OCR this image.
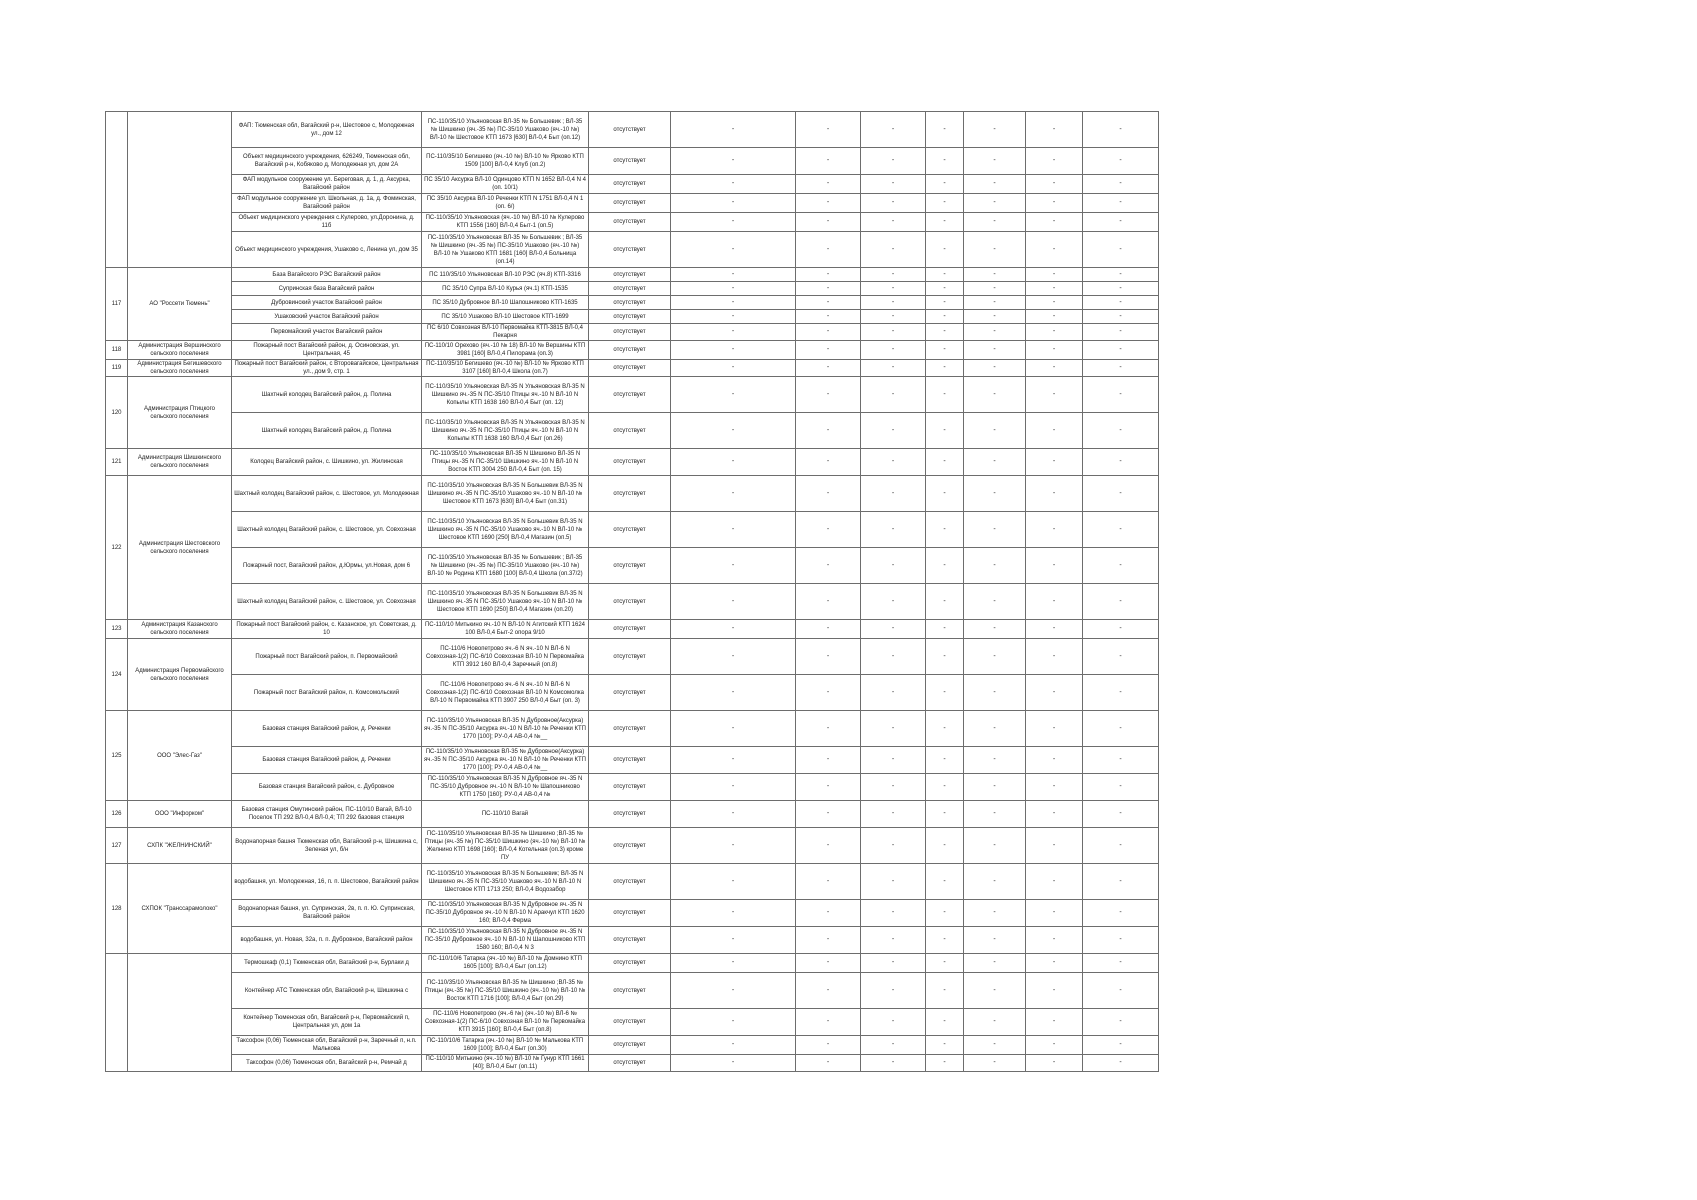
		ФАП: Тюменская обл, Вагайский р-н, Шестовое с, Молодежная ул., дом 12	ПС-110/35/10 Ульяновская ВЛ-35 № Большевик ; ВЛ-35 № Шишкино (яч.-35 №) ПС-35/10 Ушаково (яч.-10 №) ВЛ-10 № Шестовое КТП 1673 [630] ВЛ-0,4 Быт (оп.12)	отсутствует	-	-	-	-	-	-	-
		Объект медицинского учреждения, 626249, Тюменская обл, Вагайский р-н, Кобяково д, Молодежная ул, дом 2А	ПС-110/35/10 Бегишево (яч.-10 №) ВЛ-10 № Ярково КТП 1509 [100] ВЛ-0,4 Клуб (оп.2)	отсутствует	-	-	-	-	-	-	-
		ФАП модульное сооружение ул. Береговая, д. 1, д. Аксурка, Вагайский район	ПС 35/10 Аксурка ВЛ-10 Одинцово КТП N 1652 ВЛ-0,4 N 4 (оп. 10/1)	отсутствует	-	-	-	-	-	-	-
		ФАП модульное сооружение ул. Школьная, д. 1а, д. Фоминская, Вагайский район	ПС 35/10 Аксурка ВЛ-10 Реченки КТП N 1751 ВЛ-0,4 N 1 (оп. 6/)	отсутствует	-	-	-	-	-	-	-
		Объект медицинского учреждения с.Кулерово, ул.Доронина, д. 11б	ПС-110/35/10 Ульяновская (яч.-10 №) ВЛ-10 № Кулерово КТП 1556 [160] ВЛ-0,4 Быт-1 (оп.5)	отсутствует	-	-	-	-	-	-	-
		Объект медицинского учреждения, Ушаково с, Ленина ул, дом 35	ПС-110/35/10 Ульяновская ВЛ-35 № Большевик ; ВЛ-35 № Шишкино (яч.-35 №) ПС-35/10 Ушаково (яч.-10 №) ВЛ-10 № Ушаково КТП 1681 [160] ВЛ-0,4 Больница (оп.14)	отсутствует	-	-	-	-	-	-	-
117	АО "Россети Тюмень"	База Вагайского РЭС Вагайский район	ПС 110/35/10 Ульяновская ВЛ-10 РЭС (яч.8) КТП-3316	отсутствует	-	-	-	-	-	-	-
		Супринская база Вагайский район	ПС 35/10 Супра ВЛ-10 Курья (яч.1) КТП-1535	отсутствует	-	-	-	-	-	-	-
		Дубровинский участок Вагайский район	ПС 35/10 Дубровное ВЛ-10 Шапошниково КТП-1635	отсутствует	-	-	-	-	-	-	-
		Ушаковский участок Вагайский район	ПС 35/10 Ушаково ВЛ-10 Шестовое КТП-1699	отсутствует	-	-	-	-	-	-	-
		Первомайский участок Вагайский район	ПС 6/10 Совхозная ВЛ-10 Первомайка КТП-3815 ВЛ-0,4 Пекарня	отсутствует	-	-	-	-	-	-	-
118	Администрация Вершинского сельского поселения	Пожарный пост Вагайский район, д. Осиновская, ул. Центральная, 45	ПС-110/10 Орехово (яч.-10 № 18) ВЛ-10 № Вершины КТП 3981 [160] ВЛ-0,4 Пилорама (оп.3)	отсутствует	-	-	-	-	-	-	-
119	Администрация Бегишевского сельского поселения	Пожарный пост Вагайский район, с Второвагайское, Центральная ул., дом 9, стр. 1	ПС-110/35/10 Бегишево (яч.-10 №) ВЛ-10 № Ярково КТП 3107 [160] ВЛ-0,4 Школа (оп.7)	отсутствует	-	-	-	-	-	-	-
120	Администрация Птицкого сельского поселения	Шахтный колодец Вагайский район, д. Полина	ПС-110/35/10 Ульяновская ВЛ-35 N Ульяновская ВЛ-35 N Шишкино яч.-35 N ПС-35/10 Птицы яч.-10 N ВЛ-10 N Копылы КТП 1638 160 ВЛ-0,4 Быт (оп. 12)	отсутствует	-	-	-	-	-	-	-
		Шахтный колодец Вагайский район, д. Полина	ПС-110/35/10 Ульяновская ВЛ-35 N Ульяновская ВЛ-35 N Шишкино яч.-35 N ПС-35/10 Птицы яч.-10 N ВЛ-10 N Копылы КТП 1638 160 ВЛ-0,4 Быт (оп.26)	отсутствует	-	-	-	-	-	-	-
121	Администрация Шишкинского сельского поселения	Колодец Вагайский район, с. Шишкино, ул. Жилинская	ПС-110/35/10 Ульяновская ВЛ-35 N Шишкино ВЛ-35 N Птицы яч.-35 N ПС-35/10 Шишкино яч.-10 N ВЛ-10 N Восток КТП 3004 250 ВЛ-0,4 Быт (оп. 15)	отсутствует	-	-	-	-	-	-	-
122	Администрация Шестовского сельского поселения	Шахтный колодец Вагайский район, с. Шестовое, ул. Молодежная	ПС-110/35/10 Ульяновская ВЛ-35 N Большевик ВЛ-35 N Шишкино яч.-35 N ПС-35/10 Ушаково яч.-10 N ВЛ-10 № Шестовое КТП 1673 [630] ВЛ-0,4 Быт (оп.31)	отсутствует	-	-	-	-	-	-	-
		Шахтный колодец Вагайский район, с. Шестовое, ул. Совхозная	ПС-110/35/10 Ульяновская ВЛ-35 N Большевик ВЛ-35 N Шишкино яч.-35 N ПС-35/10 Ушаково яч.-10 N ВЛ-10 № Шестовое КТП 1690 [250] ВЛ-0,4 Магазин (оп.5)	отсутствует	-	-	-	-	-	-	-
		Пожарный пост, Вагайский район, д.Юрмы, ул.Новая, дом 6	ПС-110/35/10 Ульяновская ВЛ-35 № Большевик ; ВЛ-35 № Шишкино (яч.-35 №) ПС-35/10 Ушаково (яч.-10 №) ВЛ-10 № Родина КТП 1680 [100] ВЛ-0,4 Школа (оп.37/2)	отсутствует	-	-	-	-	-	-	-
		Шахтный колодец Вагайский район, с. Шестовое, ул. Совхозная	ПС-110/35/10 Ульяновская ВЛ-35 N Большевик ВЛ-35 N Шишкино яч.-35 N ПС-35/10 Ушаково яч.-10 N ВЛ-10 № Шестовое КТП 1690 [250] ВЛ-0,4 Магазин (оп.20)	отсутствует	-	-	-	-	-	-	-
123	Администрация Казанского сельского поселения	Пожарный пост Вагайский район, с. Казанское, ул. Советская, д. 10	ПС-110/10 Митькино яч.-10 N ВЛ-10 N Агитский КТП 1624 100 ВЛ-0,4 Быт-2 опора 9/10	отсутствует	-	-	-	-	-	-	-
124	Администрация Первомайского сельского поселения	Пожарный пост Вагайский район, п. Первомайский	ПС-110/6 Новопетрово яч.-6 N яч.-10 N ВЛ-6 N Совхозная-1(2) ПС-6/10 Совхозная ВЛ-10 N Первомайка КТП 3912 160 ВЛ-0,4 Заречный (оп.8)	отсутствует	-	-	-	-	-	-	-
		Пожарный пост Вагайский район, п. Комсомольский	ПС-110/6 Новопетрово яч.-6 N яч.-10 N ВЛ-6 N Совхозная-1(2) ПС-6/10 Совхозная ВЛ-10 N Комсомолка ВЛ-10 N Первомайка КТП 3907 250 ВЛ-0,4 Быт (оп. 3)	отсутствует	-	-	-	-	-	-	-
125	ООО "Элес-Газ"	Базовая станция Вагайский район, д. Реченки	ПС-110/35/10 Ульяновская ВЛ-35 N Дубровное(Аксурка) яч.-35 N ПС-35/10 Аксурка яч.-10 N ВЛ-10 № Реченки КТП 1770 [100]; РУ-0,4 АВ-0,4 №__	отсутствует	-	-	-	-	-	-	-
		Базовая станция Вагайский район, д. Реченки	ПС-110/35/10 Ульяновская ВЛ-35 № Дубровное(Аксурка) яч.-35 N ПС-35/10 Аксурка яч.-10 N ВЛ-10 № Реченки КТП 1770 [100]; РУ-0,4 АВ-0,4 №__	отсутствует	-	-	-	-	-	-	-
		Базовая станция Вагайский район, с. Дубровное	ПС-110/35/10 Ульяновская ВЛ-35 N Дубровное яч.-35 N ПС-35/10 Дубровное яч.-10 N ВЛ-10 № Шапошниково КТП 1750 [160]; РУ-0,4 АВ-0,4 №	отсутствует	-	-	-	-	-	-	-
126	ООО "Инфорком"	Базовая станция Омутинский район, ПС-110/10 Вагай, ВЛ-10 Поселок ТП 292 ВЛ-0,4 ВЛ-0,4; ТП 292 базовая станция	ПС-110/10 Вагай	отсутствует	-	-	-	-	-	-	-
127	СХПК "ЖЕЛНИНСКИЙ"	Водонапорная башня Тюменская обл, Вагайский р-н, Шишкина с, Зеленая ул, б/н	ПС-110/35/10 Ульяновская ВЛ-35 № Шишкино ;ВЛ-35 № Птицы (яч.-35 №) ПС-35/10 Шишкино (яч.-10 №) ВЛ-10 № Желнино КТП 1698 [160]; ВЛ-0,4 Котельная (оп.3) кроме ПУ	отсутствует	-	-	-	-	-	-	-
128	СХПОК "Транссарамолоко"	водобашня, ул. Молодежная, 16, п. п. Шестовое, Вагайский район	ПС-110/35/10 Ульяновская ВЛ-35 N Большевик; ВЛ-35 N Шишкино яч.-35 N ПС-35/10 Ушаково яч.-10 N ВЛ-10 N Шестовое КТП 1713 250; ВЛ-0,4 Водозабор	отсутствует	-	-	-	-	-	-	-
		Водонапорная башня, ул. Супринская, 2в, п. п. Ю. Супринская, Вагайский район	ПС-110/35/10 Ульяновская ВЛ-35 N Дубровное яч.-35 N ПС-35/10 Дубровное яч.-10 N ВЛ-10 N Аракчул КТП 1620 160; ВЛ-0,4 Ферма	отсутствует	-	-	-	-	-	-	-
		водобашня, ул. Новая, 32а, п. п. Дубровное, Вагайский район	ПС-110/35/10 Ульяновская ВЛ-35 N Дубровное яч.-35 N ПС-35/10 Дубровное яч.-10 N ВЛ-10 N Шапошниково КТП 1580 160; ВЛ-0,4 N 3	отсутствует	-	-	-	-	-	-	-
		Термошкаф (0,1) Тюменская обл, Вагайский р-н, Бурлаки д	ПС-110/10/6 Татарка (яч.-10 №) ВЛ-10 № Домнино КТП 1605 [100]; ВЛ-0,4 Быт (оп.12)	отсутствует	-	-	-	-	-	-	-
		Контейнер АТС Тюменская обл, Вагайский р-н, Шишкина с	ПС-110/35/10 Ульяновская ВЛ-35 № Шишкино ;ВЛ-35 № Птицы (яч.-35 №) ПС-35/10 Шишкино (яч.-10 №) ВЛ-10 № Восток КТП 1716 [100]; ВЛ-0,4 Быт (оп.29)	отсутствует	-	-	-	-	-	-	-
		Контейнер Тюменская обл, Вагайский р-н, Первомайский п, Центральная ул, дом 1а	ПС-110/6 Новопетрово (яч.-6 №) (яч.-10 №) ВЛ-6 № Совхозная-1(2) ПС-6/10 Совхозная ВЛ-10 № Первомайка КТП 3915 [160]; ВЛ-0,4 Быт (оп.8)	отсутствует	-	-	-	-	-	-	-
		Таксофон (0,06) Тюменская обл, Вагайский р-н, Заречный п, н.п. Малькова	ПС-110/10/6 Татарка (яч.-10 №) ВЛ-10 № Малькова КТП 1609 [100]; ВЛ-0,4 Быт (оп.30)	отсутствует	-	-	-	-	-	-	-
		Таксофон (0,06) Тюменская обл, Вагайский р-н, Ремчай д	ПС-110/10 Митькино (яч.-10 №) ВЛ-10 № Гунур КТП 1661 [40]; ВЛ-0,4 Быт (оп.11)	отсутствует	-	-	-	-	-	-	-
